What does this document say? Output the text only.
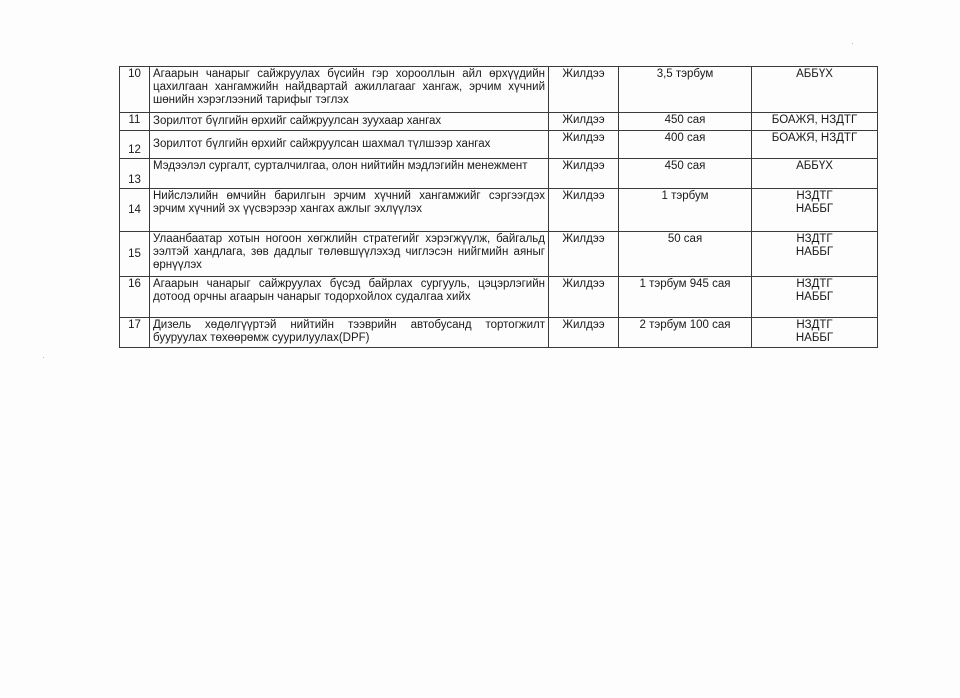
·
·
10	Агаарын чанарыг сайжруулах бүсийн гэр хорооллын айл өрхүүдийн цахилгаан хангамжийн найдвартай ажиллагааг хангаж, эрчим хүчний шөнийн хэрэглээний тарифыг тэглэх	Жилдээ	3,5 тэрбум	АББҮХ

11	Зорилтот бүлгийн өрхийг сайжруулсан зуухаар хангах	Жилдээ	450 сая	БОАЖЯ, НЗДТГ

12	Зорилтот бүлгийн өрхийг сайжруулсан шахмал түлшээр хангах	Жилдээ	400 сая	БОАЖЯ, НЗДТГ

13	Мэдээлэл сургалт, сурталчилгаа, олон нийтийн мэдлэгийн менежмент	Жилдээ	450 сая	АББҮХ

14	Нийслэлийн өмчийн барилгын эрчим хүчний хангамжийг сэргээгдэх эрчим хүчний эх үүсвэрээр хангах ажлыг эхлүүлэх	Жилдээ	1 тэрбум	НЗДТГ
НАББГ

15	Улаанбаатар хотын ногоон хөгжлийн стратегийг хэрэгжүүлж, байгальд ээлтэй хандлага, зөв дадлыг төлөвшүүлэхэд чиглэсэн нийгмийн аяныг өрнүүлэх	Жилдээ	50 сая	НЗДТГ
НАББГ

16	Агаарын чанарыг сайжруулах бүсэд байрлах сургууль, цэцэрлэгийн дотоод орчны агаарын чанарыг тодорхойлох судалгаа хийх	Жилдээ	1 тэрбум 945 сая	НЗДТГ
НАББГ

17	Дизель хөдөлгүүртэй нийтийн тээврийн автобусанд тортогжилт бууруулах төхөөрөмж суурилуулах(DPF)	Жилдээ	2 тэрбум 100 сая	НЗДТГ
НАББГ
